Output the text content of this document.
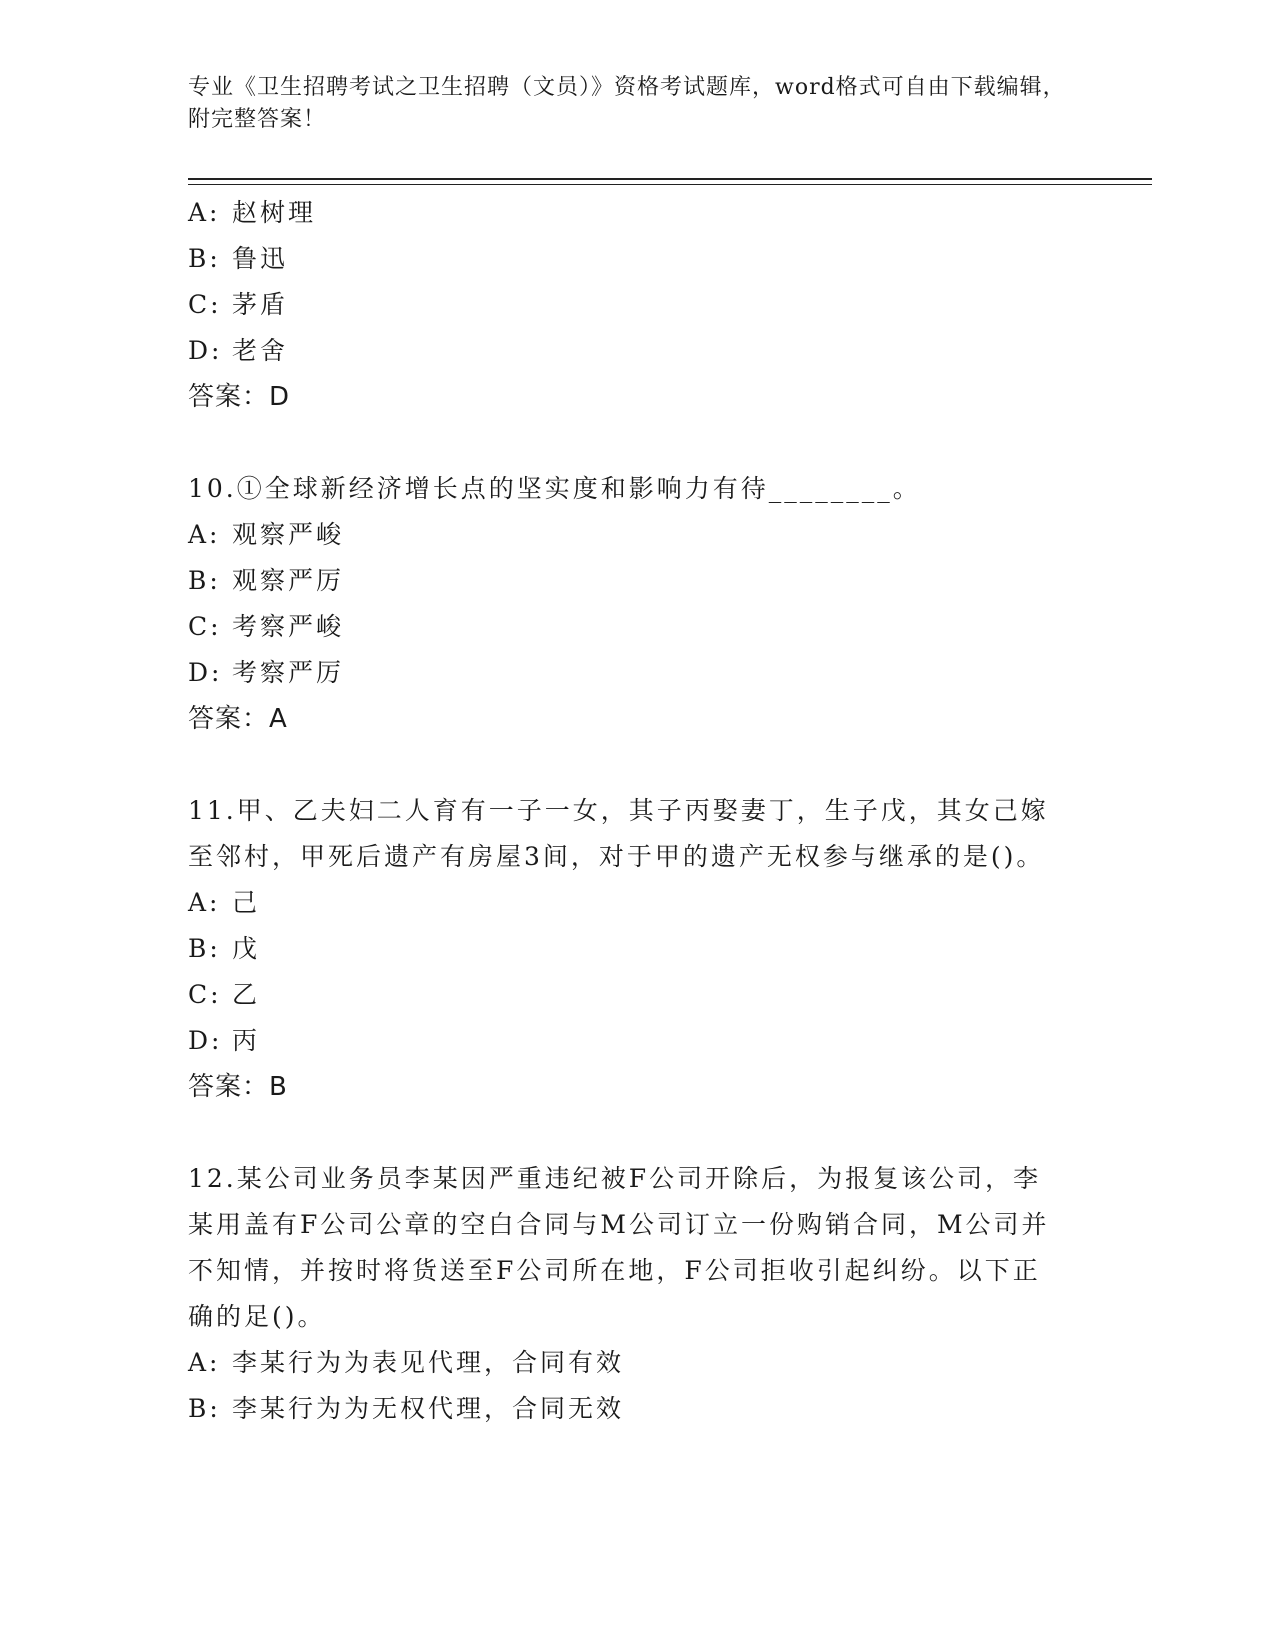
专业《卫生招聘考试之卫生招聘（文员）》资格考试题库，word格式可自由下载编辑，附完整答案！
A: 赵树理
B: 鲁迅
C: 茅盾
D: 老舍
答案：D
10.①全球新经济增长点的坚实度和影响力有待________。
A: 观察严峻
B: 观察严厉
C: 考察严峻
D: 考察严厉
答案：A
11.甲、乙夫妇二人育有一子一女，其子丙娶妻丁，生子戊，其女己嫁至邻村，甲死后遗产有房屋3间，对于甲的遗产无权参与继承的是()。
A: 己
B: 戊
C: 乙
D: 丙
答案：B
12.某公司业务员李某因严重违纪被F公司开除后，为报复该公司，李某用盖有F公司公章的空白合同与M公司订立一份购销合同，M公司并不知情，并按时将货送至F公司所在地，F公司拒收引起纠纷。以下正确的足()。
A: 李某行为为表见代理，合同有效
B: 李某行为为无权代理，合同无效
